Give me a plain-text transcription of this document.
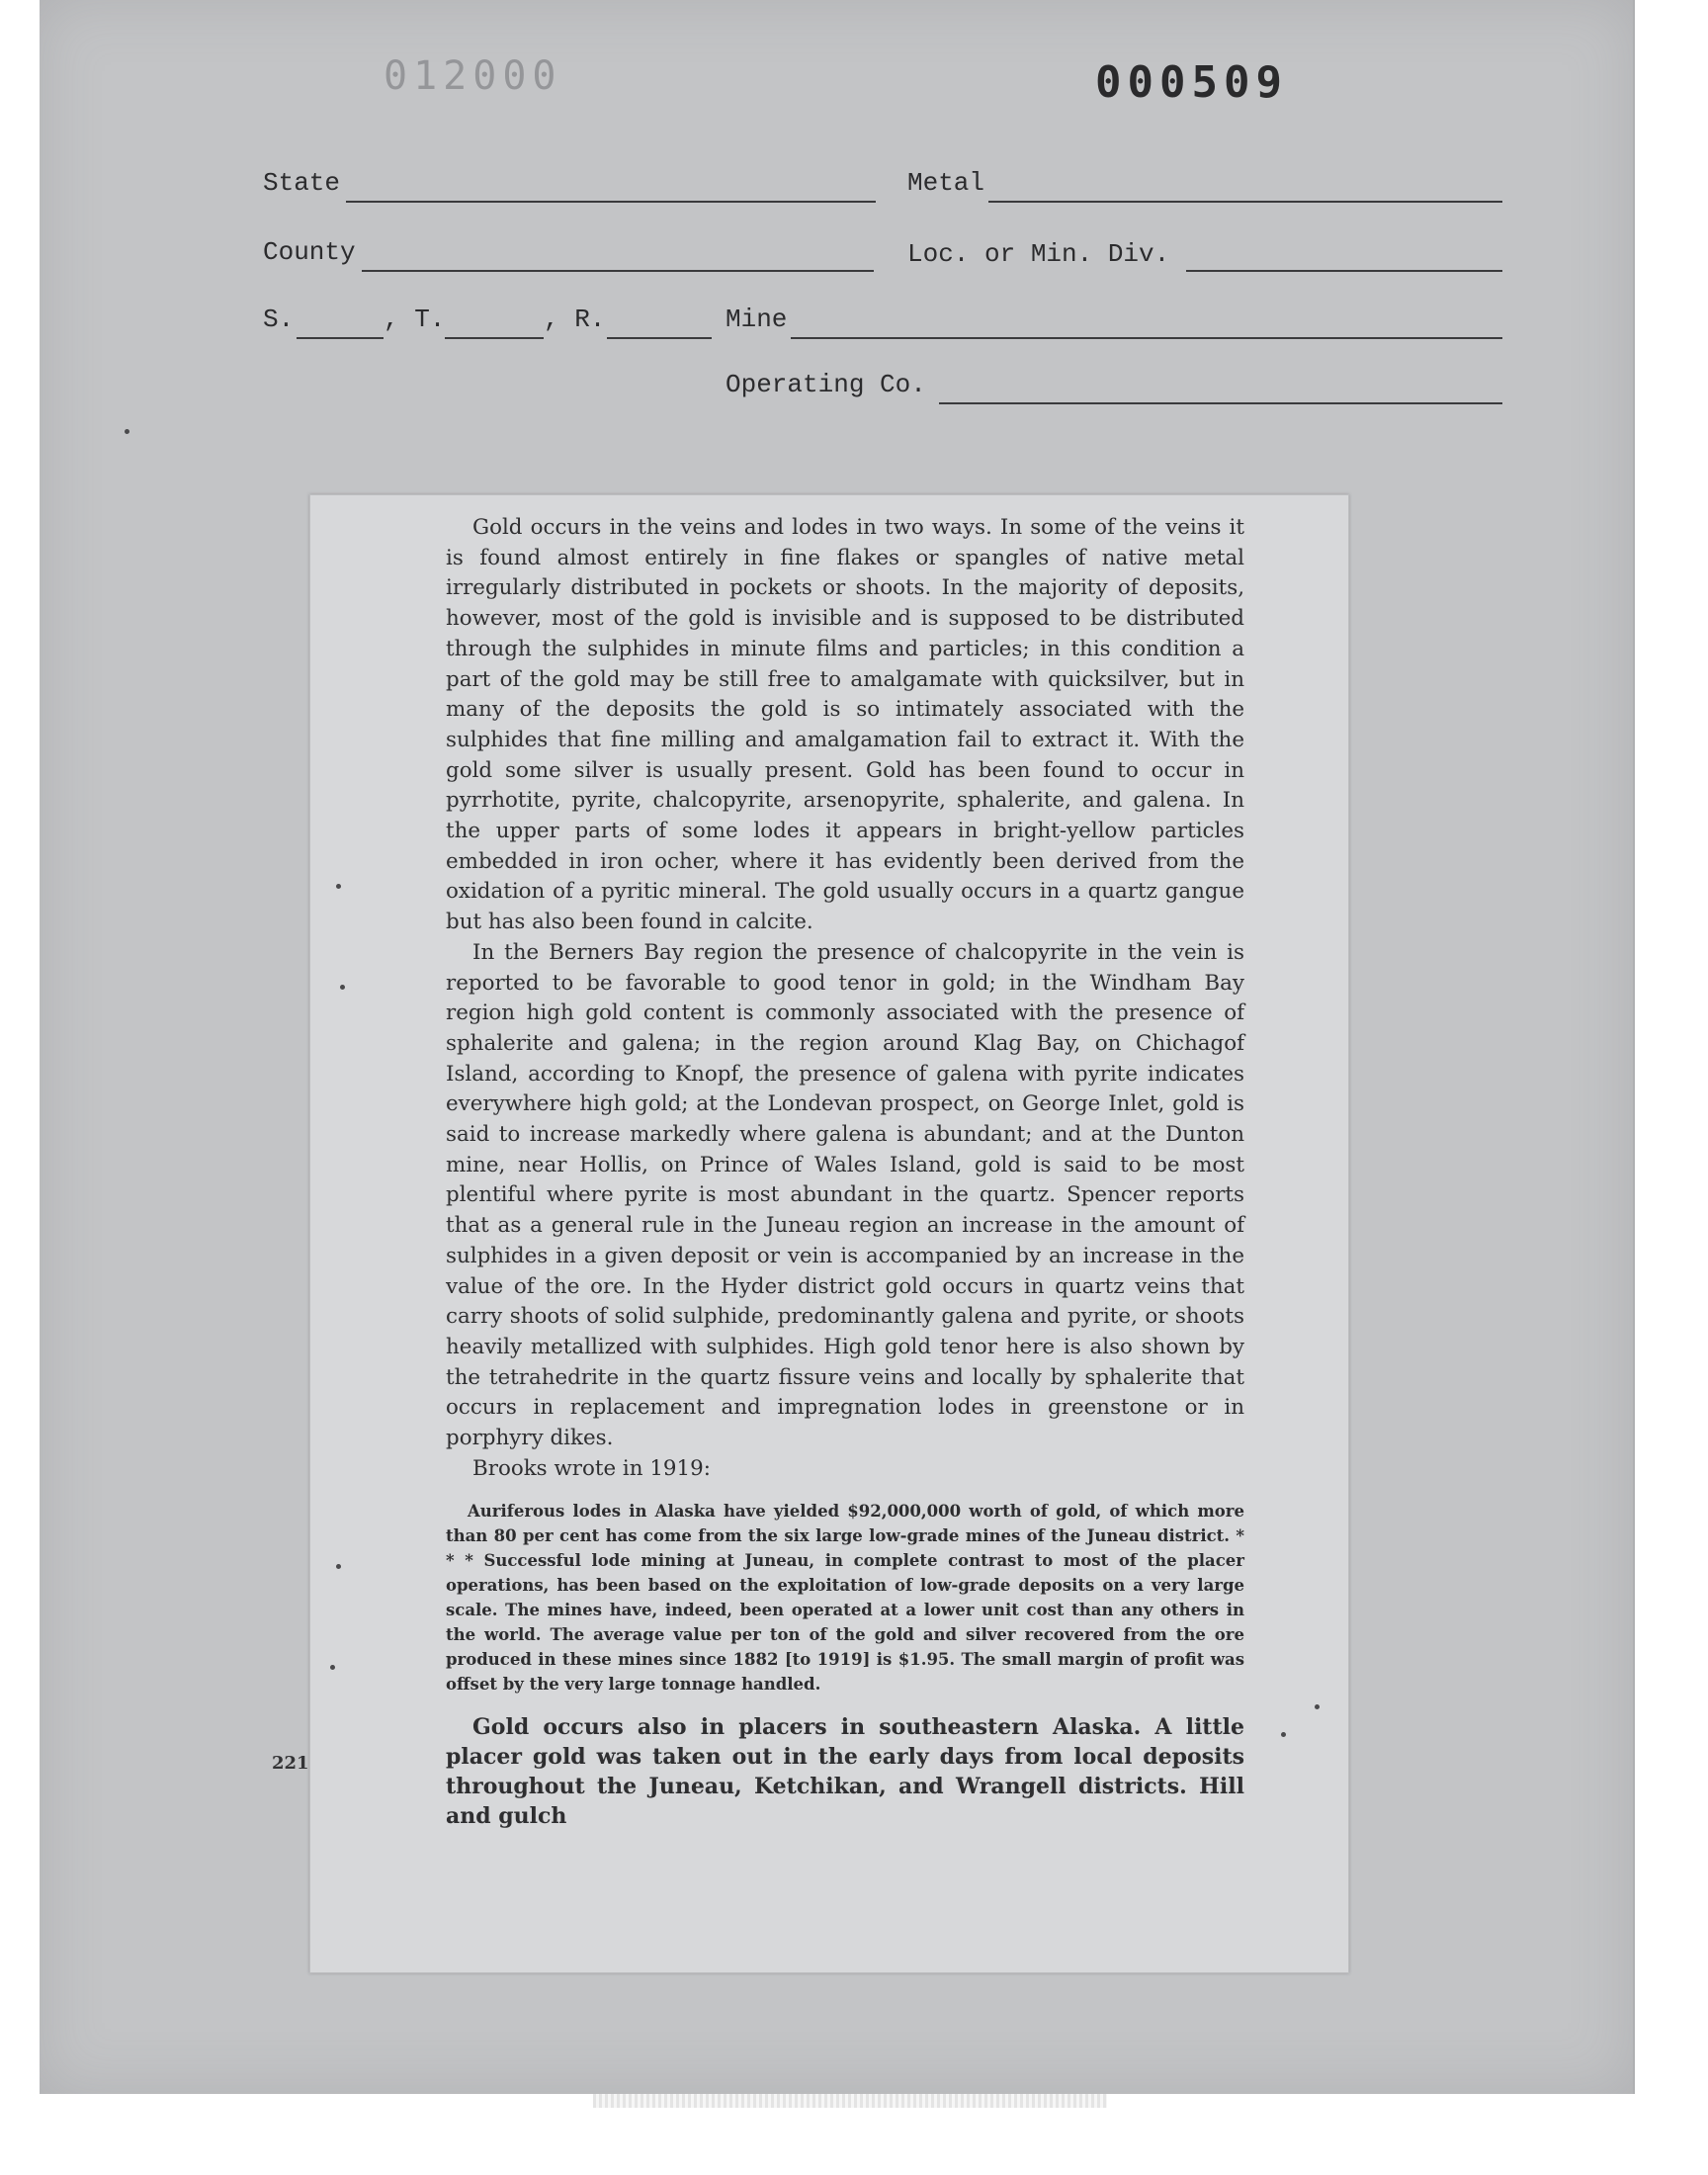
012000	000509
State	Metal
County	Loc. or Min. Div.
S.	, T.	, R.	Mine
Operating Co.

Gold occurs in the veins and lodes in two ways. In some of the veins it is found almost entirely in fine flakes or spangles of native metal irregularly distributed in pockets or shoots. In the majority of deposits, however, most of the gold is invisible and is supposed to be distributed through the sulphides in minute films and particles; in this condition a part of the gold may be still free to amalgamate with quicksilver, but in many of the deposits the gold is so intimately associated with the sulphides that fine milling and amalgamation fail to extract it. With the gold some silver is usually present. Gold has been found to occur in pyrrhotite, pyrite, chalcopyrite, arsenopyrite, sphalerite, and galena. In the upper parts of some lodes it appears in bright-yellow particles embedded in iron ocher, where it has evidently been derived from the oxidation of a pyritic mineral. The gold usually occurs in a quartz gangue but has also been found in calcite.

In the Berners Bay region the presence of chalcopyrite in the vein is reported to be favorable to good tenor in gold; in the Windham Bay region high gold content is commonly associated with the presence of sphalerite and galena; in the region around Klag Bay, on Chichagof Island, according to Knopf, the presence of galena with pyrite indicates everywhere high gold; at the Londevan prospect, on George Inlet, gold is said to increase markedly where galena is abundant; and at the Dunton mine, near Hollis, on Prince of Wales Island, gold is said to be most plentiful where pyrite is most abundant in the quartz. Spencer reports that as a general rule in the Juneau region an increase in the amount of sulphides in a given deposit or vein is accompanied by an increase in the value of the ore. In the Hyder district gold occurs in quartz veins that carry shoots of solid sulphide, predominantly galena and pyrite, or shoots heavily metallized with sulphides. High gold tenor here is also shown by the tetrahedrite in the quartz fissure veins and locally by sphalerite that occurs in replacement and impregnation lodes in greenstone or in porphyry dikes.

Brooks wrote in 1919:

Auriferous lodes in Alaska have yielded $92,000,000 worth of gold, of which more than 80 per cent has come from the six large low-grade mines of the Juneau district. * * * Successful lode mining at Juneau, in complete contrast to most of the placer operations, has been based on the exploitation of low-grade deposits on a very large scale. The mines have, indeed, been operated at a lower unit cost than any others in the world. The average value per ton of the gold and silver recovered from the ore produced in these mines since 1882 [to 1919] is $1.95. The small margin of profit was offset by the very large tonnage handled.

Gold occurs also in placers in southeastern Alaska. A little placer gold was taken out in the early days from local deposits throughout the Juneau, Ketchikan, and Wrangell districts. Hill and gulch

221
